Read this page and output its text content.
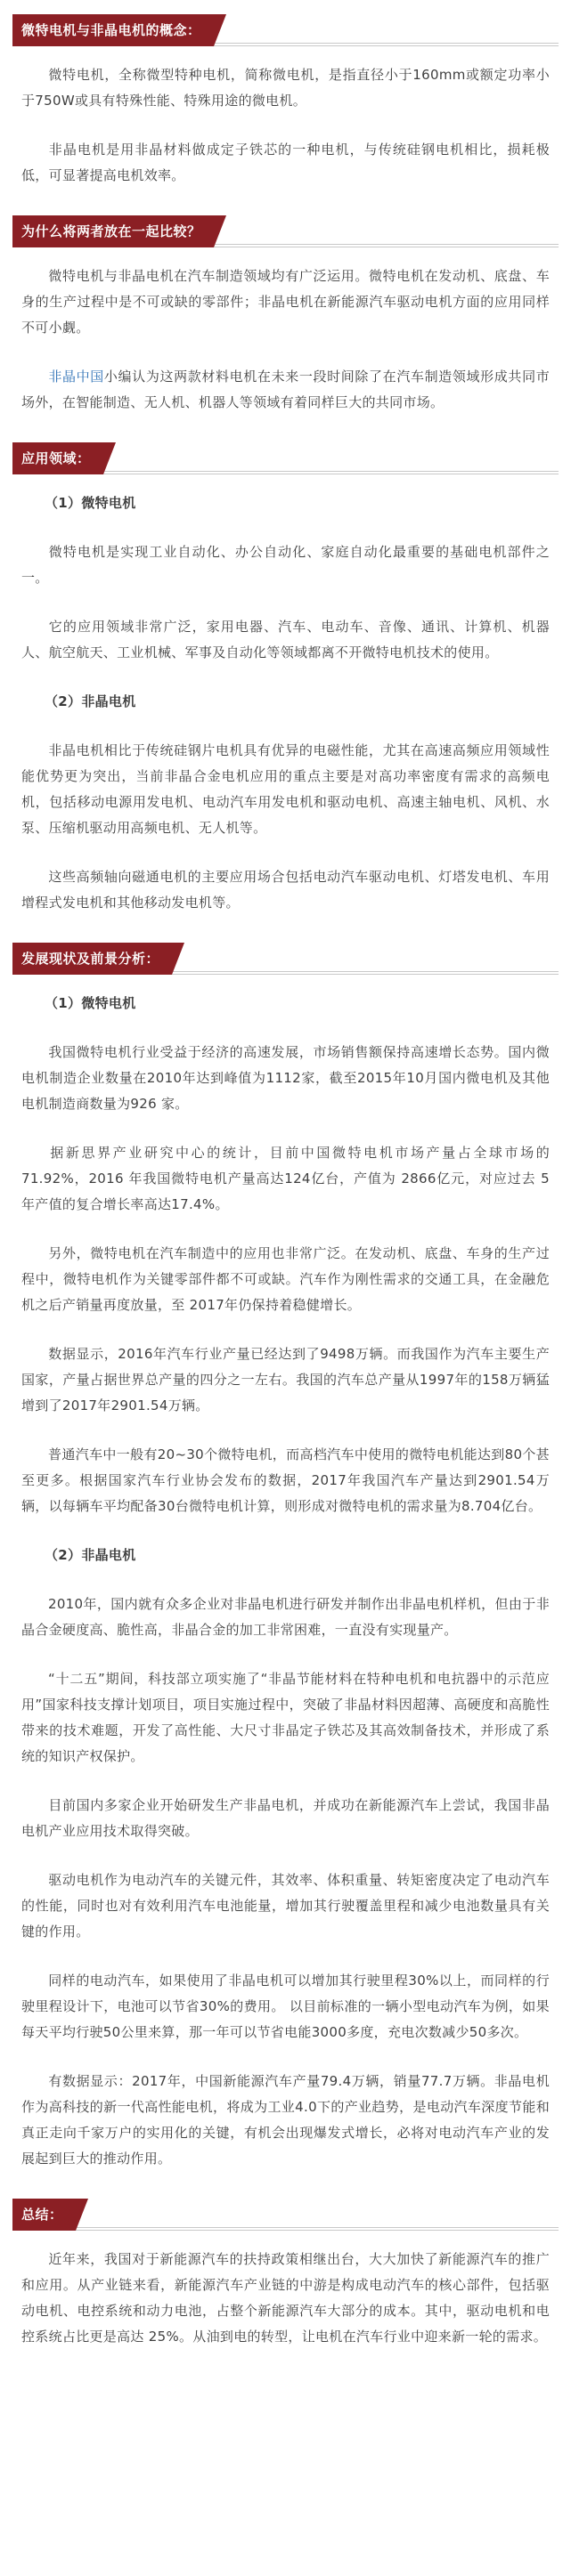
微特电机与非晶电机的概念：

微特电机，全称微型特种电机，简称微电机，是指直径小于160mm或额定功率小于750W或具有特殊性能、特殊用途的微电机。

非晶电机是用非晶材料做成定子铁芯的一种电机，与传统硅钢电机相比，损耗极低，可显著提高电机效率。

为什么将两者放在一起比较？

微特电机与非晶电机在汽车制造领域均有广泛运用。微特电机在发动机、底盘、车身的生产过程中是不可或缺的零部件；非晶电机在新能源汽车驱动电机方面的应用同样不可小觑。

非晶中国小编认为这两款材料电机在未来一段时间除了在汽车制造领域形成共同市场外，在智能制造、无人机、机器人等领域有着同样巨大的共同市场。

应用领域：
（1）微特电机

微特电机是实现工业自动化、办公自动化、家庭自动化最重要的基础电机部件之一。

它的应用领域非常广泛，家用电器、汽车、电动车、音像、通讯、计算机、机器人、航空航天、工业机械、军事及自动化等领域都离不开微特电机技术的使用。

（2）非晶电机

非晶电机相比于传统硅钢片电机具有优异的电磁性能，尤其在高速高频应用领域性能优势更为突出，当前非晶合金电机应用的重点主要是对高功率密度有需求的高频电机，包括移动电源用发电机、电动汽车用发电机和驱动电机、高速主轴电机、风机、水泵、压缩机驱动用高频电机、无人机等。

这些高频轴向磁通电机的主要应用场合包括电动汽车驱动电机、灯塔发电机、车用增程式发电机和其他移动发电机等。

发展现状及前景分析：
（1）微特电机

我国微特电机行业受益于经济的高速发展，市场销售额保持高速增长态势。国内微电机制造企业数量在2010年达到峰值为1112家，截至2015年10月国内微电机及其他电机制造商数量为926 家。

据新思界产业研究中心的统计，目前中国微特电机市场产量占全球市场的71.92%，2016 年我国微特电机产量高达124亿台，产值为 2866亿元，对应过去 5 年产值的复合增长率高达17.4%。

另外，微特电机在汽车制造中的应用也非常广泛。在发动机、底盘、车身的生产过程中，微特电机作为关键零部件都不可或缺。汽车作为刚性需求的交通工具，在金融危机之后产销量再度放量，至 2017年仍保持着稳健增长。

数据显示，2016年汽车行业产量已经达到了9498万辆。而我国作为汽车主要生产国家，产量占据世界总产量的四分之一左右。我国的汽车总产量从1997年的158万辆猛增到了2017年2901.54万辆。

普通汽车中一般有20~30个微特电机，而高档汽车中使用的微特电机能达到80个甚至更多。根据国家汽车行业协会发布的数据，2017年我国汽车产量达到2901.54万辆，以每辆车平均配备30台微特电机计算，则形成对微特电机的需求量为8.704亿台。

（2）非晶电机

2010年，国内就有众多企业对非晶电机进行研发并制作出非晶电机样机，但由于非晶合金硬度高、脆性高，非晶合金的加工非常困难，一直没有实现量产。

“十二五”期间，科技部立项实施了“非晶节能材料在特种电机和电抗器中的示范应用”国家科技支撑计划项目，项目实施过程中，突破了非晶材料因超薄、高硬度和高脆性带来的技术难题，开发了高性能、大尺寸非晶定子铁芯及其高效制备技术，并形成了系统的知识产权保护。

目前国内多家企业开始研发生产非晶电机，并成功在新能源汽车上尝试，我国非晶电机产业应用技术取得突破。

驱动电机作为电动汽车的关键元件，其效率、体积重量、转矩密度决定了电动汽车的性能，同时也对有效利用汽车电池能量，增加其行驶覆盖里程和减少电池数量具有关键的作用。

同样的电动汽车，如果使用了非晶电机可以增加其行驶里程30%以上，而同样的行驶里程设计下，电池可以节省30%的费用。 以目前标准的一辆小型电动汽车为例，如果每天平均行驶50公里来算，那一年可以节省电能3000多度，充电次数减少50多次。

有数据显示：2017年，中国新能源汽车产量79.4万辆，销量77.7万辆。非晶电机作为高科技的新一代高性能电机，将成为工业4.0下的产业趋势，是电动汽车深度节能和真正走向千家万户的实用化的关键，有机会出现爆发式增长，必将对电动汽车产业的发展起到巨大的推动作用。

总结：

近年来，我国对于新能源汽车的扶持政策相继出台，大大加快了新能源汽车的推广和应用。从产业链来看，新能源汽车产业链的中游是构成电动汽车的核心部件，包括驱动电机、电控系统和动力电池，占整个新能源汽车大部分的成本。其中，驱动电机和电控系统占比更是高达 25%。从油到电的转型，让电机在汽车行业中迎来新一轮的需求。
